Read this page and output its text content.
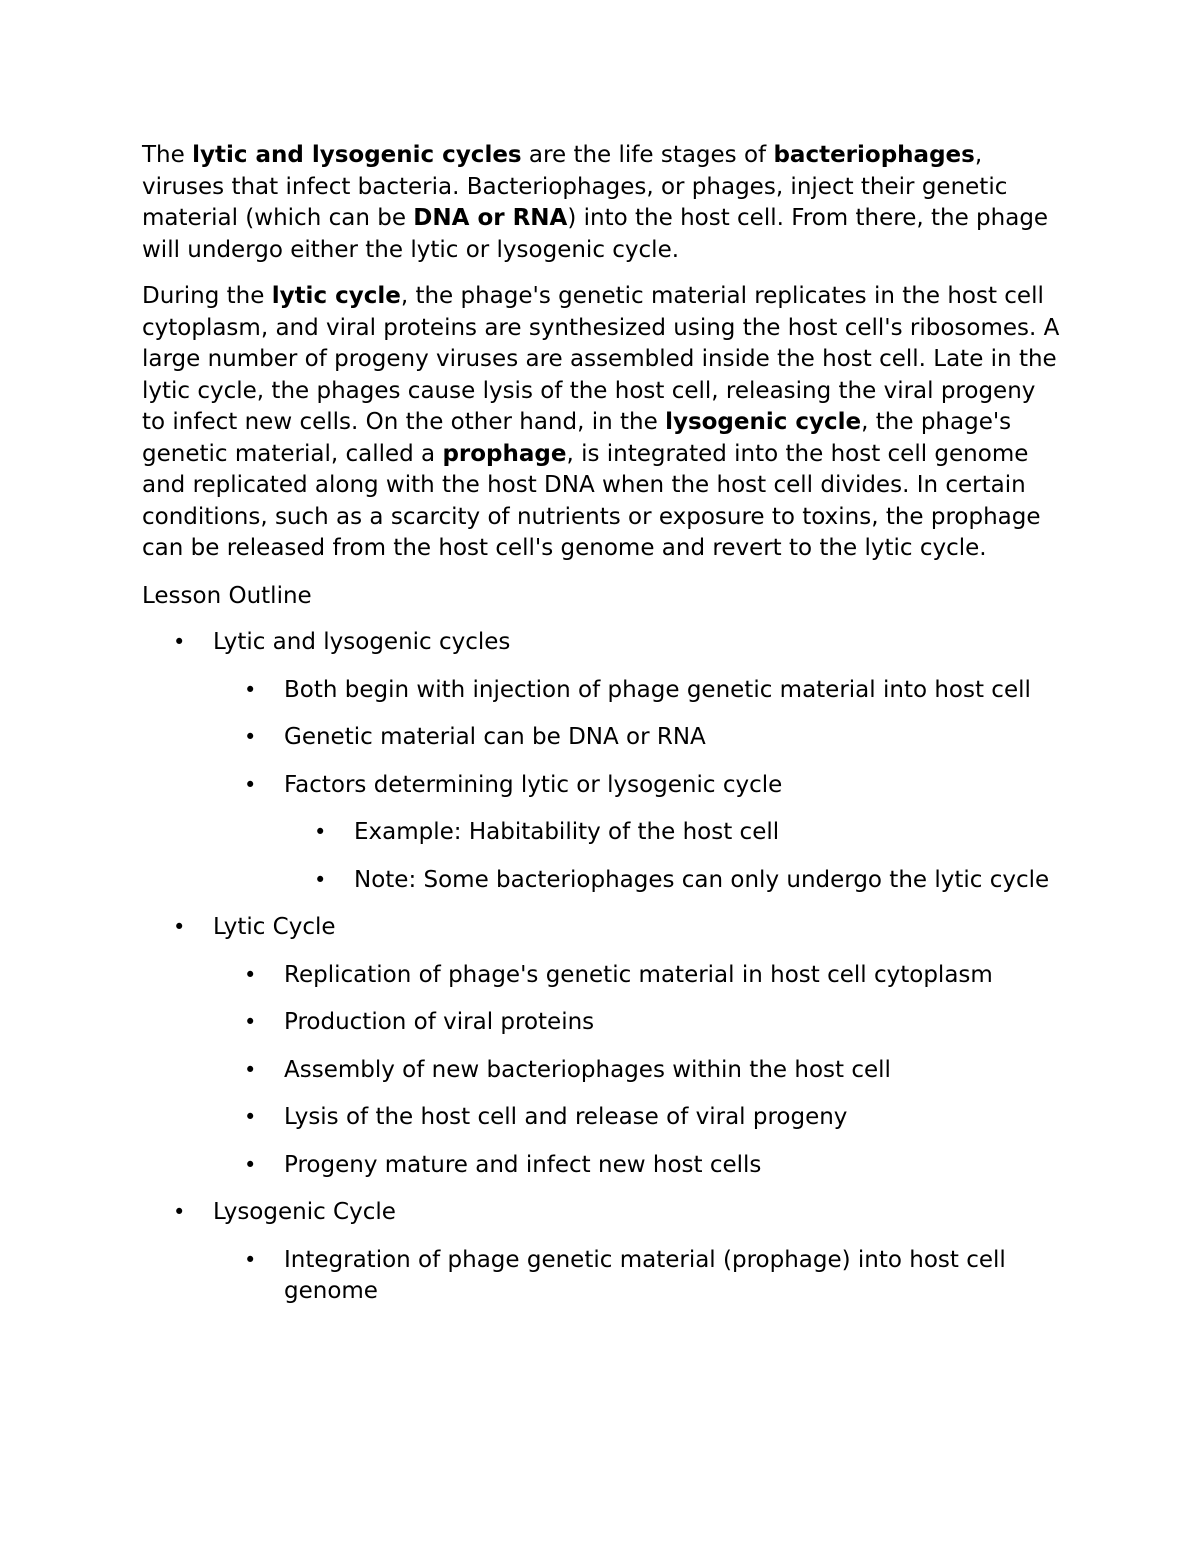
The lytic and lysogenic cycles are the life stages of bacteriophages, viruses that infect bacteria. Bacteriophages, or phages, inject their genetic material (which can be DNA or RNA) into the host cell. From there, the phage will undergo either the lytic or lysogenic cycle.

During the lytic cycle, the phage's genetic material replicates in the host cell cytoplasm, and viral proteins are synthesized using the host cell's ribosomes. A large number of progeny viruses are assembled inside the host cell. Late in the lytic cycle, the phages cause lysis of the host cell, releasing the viral progeny to infect new cells. On the other hand, in the lysogenic cycle, the phage's genetic material, called a prophage, is integrated into the host cell genome and replicated along with the host DNA when the host cell divides. In certain conditions, such as a scarcity of nutrients or exposure to toxins, the prophage can be released from the host cell's genome and revert to the lytic cycle.

Lesson Outline

• Lytic and lysogenic cycles
• Both begin with injection of phage genetic material into host cell
• Genetic material can be DNA or RNA
• Factors determining lytic or lysogenic cycle
• Example: Habitability of the host cell
• Note: Some bacteriophages can only undergo the lytic cycle
• Lytic Cycle
• Replication of phage's genetic material in host cell cytoplasm
• Production of viral proteins
• Assembly of new bacteriophages within the host cell
• Lysis of the host cell and release of viral progeny
• Progeny mature and infect new host cells
• Lysogenic Cycle
• Integration of phage genetic material (prophage) into host cell genome
